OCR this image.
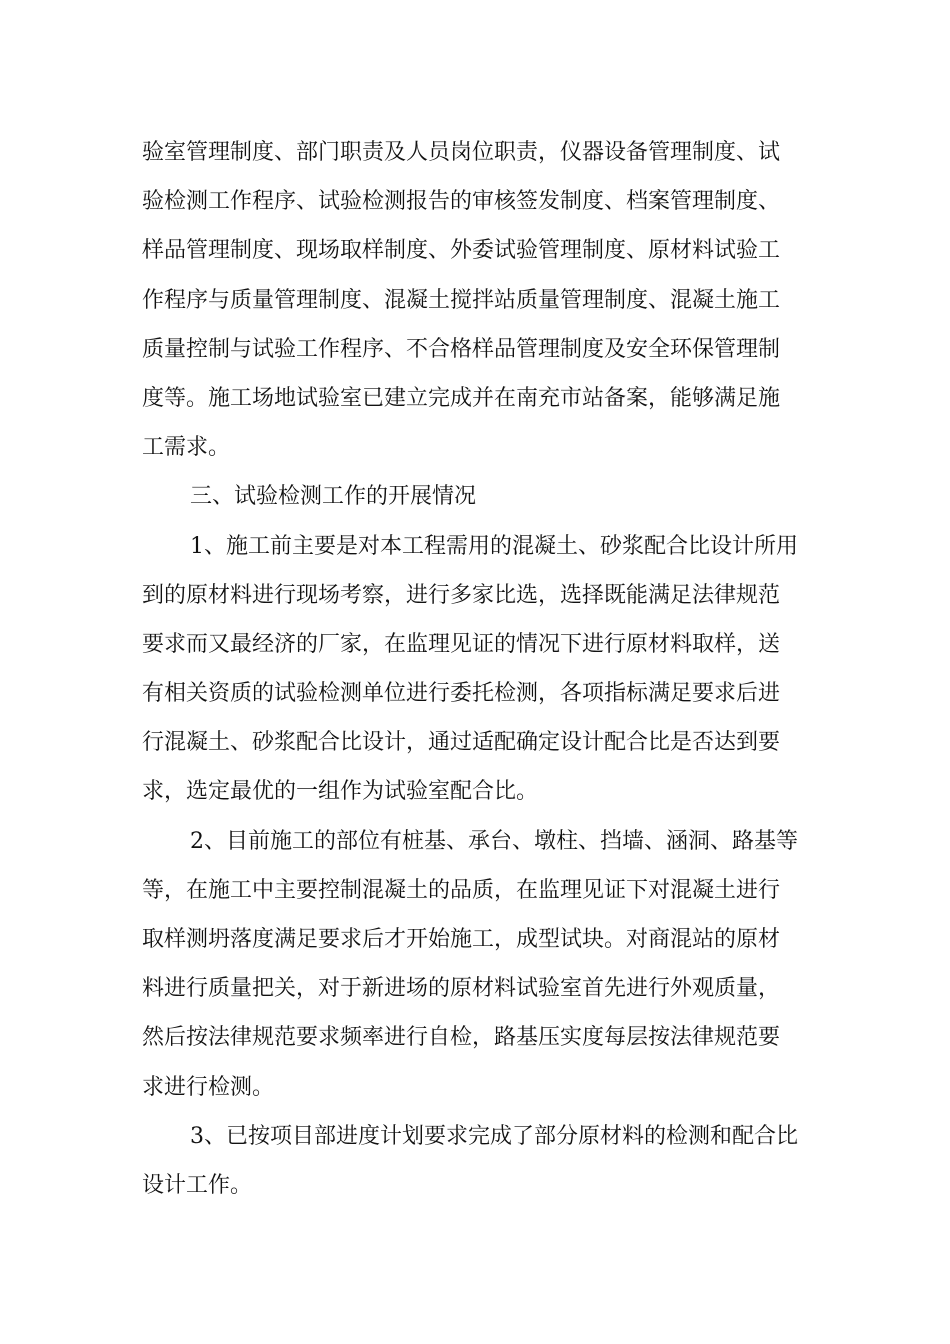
验室管理制度、部门职责及人员岗位职责，仪器设备管理制度、试
验检测工作程序、试验检测报告的审核签发制度、档案管理制度、
样品管理制度、现场取样制度、外委试验管理制度、原材料试验工
作程序与质量管理制度、混凝土搅拌站质量管理制度、混凝土施工
质量控制与试验工作程序、不合格样品管理制度及安全环保管理制
度等。施工场地试验室已建立完成并在南充市站备案，能够满足施
工需求。
三、试验检测工作的开展情况
1、施工前主要是对本工程需用的混凝土、砂浆配合比设计所用
到的原材料进行现场考察，进行多家比选，选择既能满足法律规范
要求而又最经济的厂家，在监理见证的情况下进行原材料取样，送
有相关资质的试验检测单位进行委托检测，各项指标满足要求后进
行混凝土、砂浆配合比设计，通过适配确定设计配合比是否达到要
求，选定最优的一组作为试验室配合比。
2、目前施工的部位有桩基、承台、墩柱、挡墙、涵洞、路基等
等，在施工中主要控制混凝土的品质，在监理见证下对混凝土进行
取样测坍落度满足要求后才开始施工，成型试块。对商混站的原材
料进行质量把关，对于新进场的原材料试验室首先进行外观质量，
然后按法律规范要求频率进行自检，路基压实度每层按法律规范要
求进行检测。
3、已按项目部进度计划要求完成了部分原材料的检测和配合比
设计工作。
